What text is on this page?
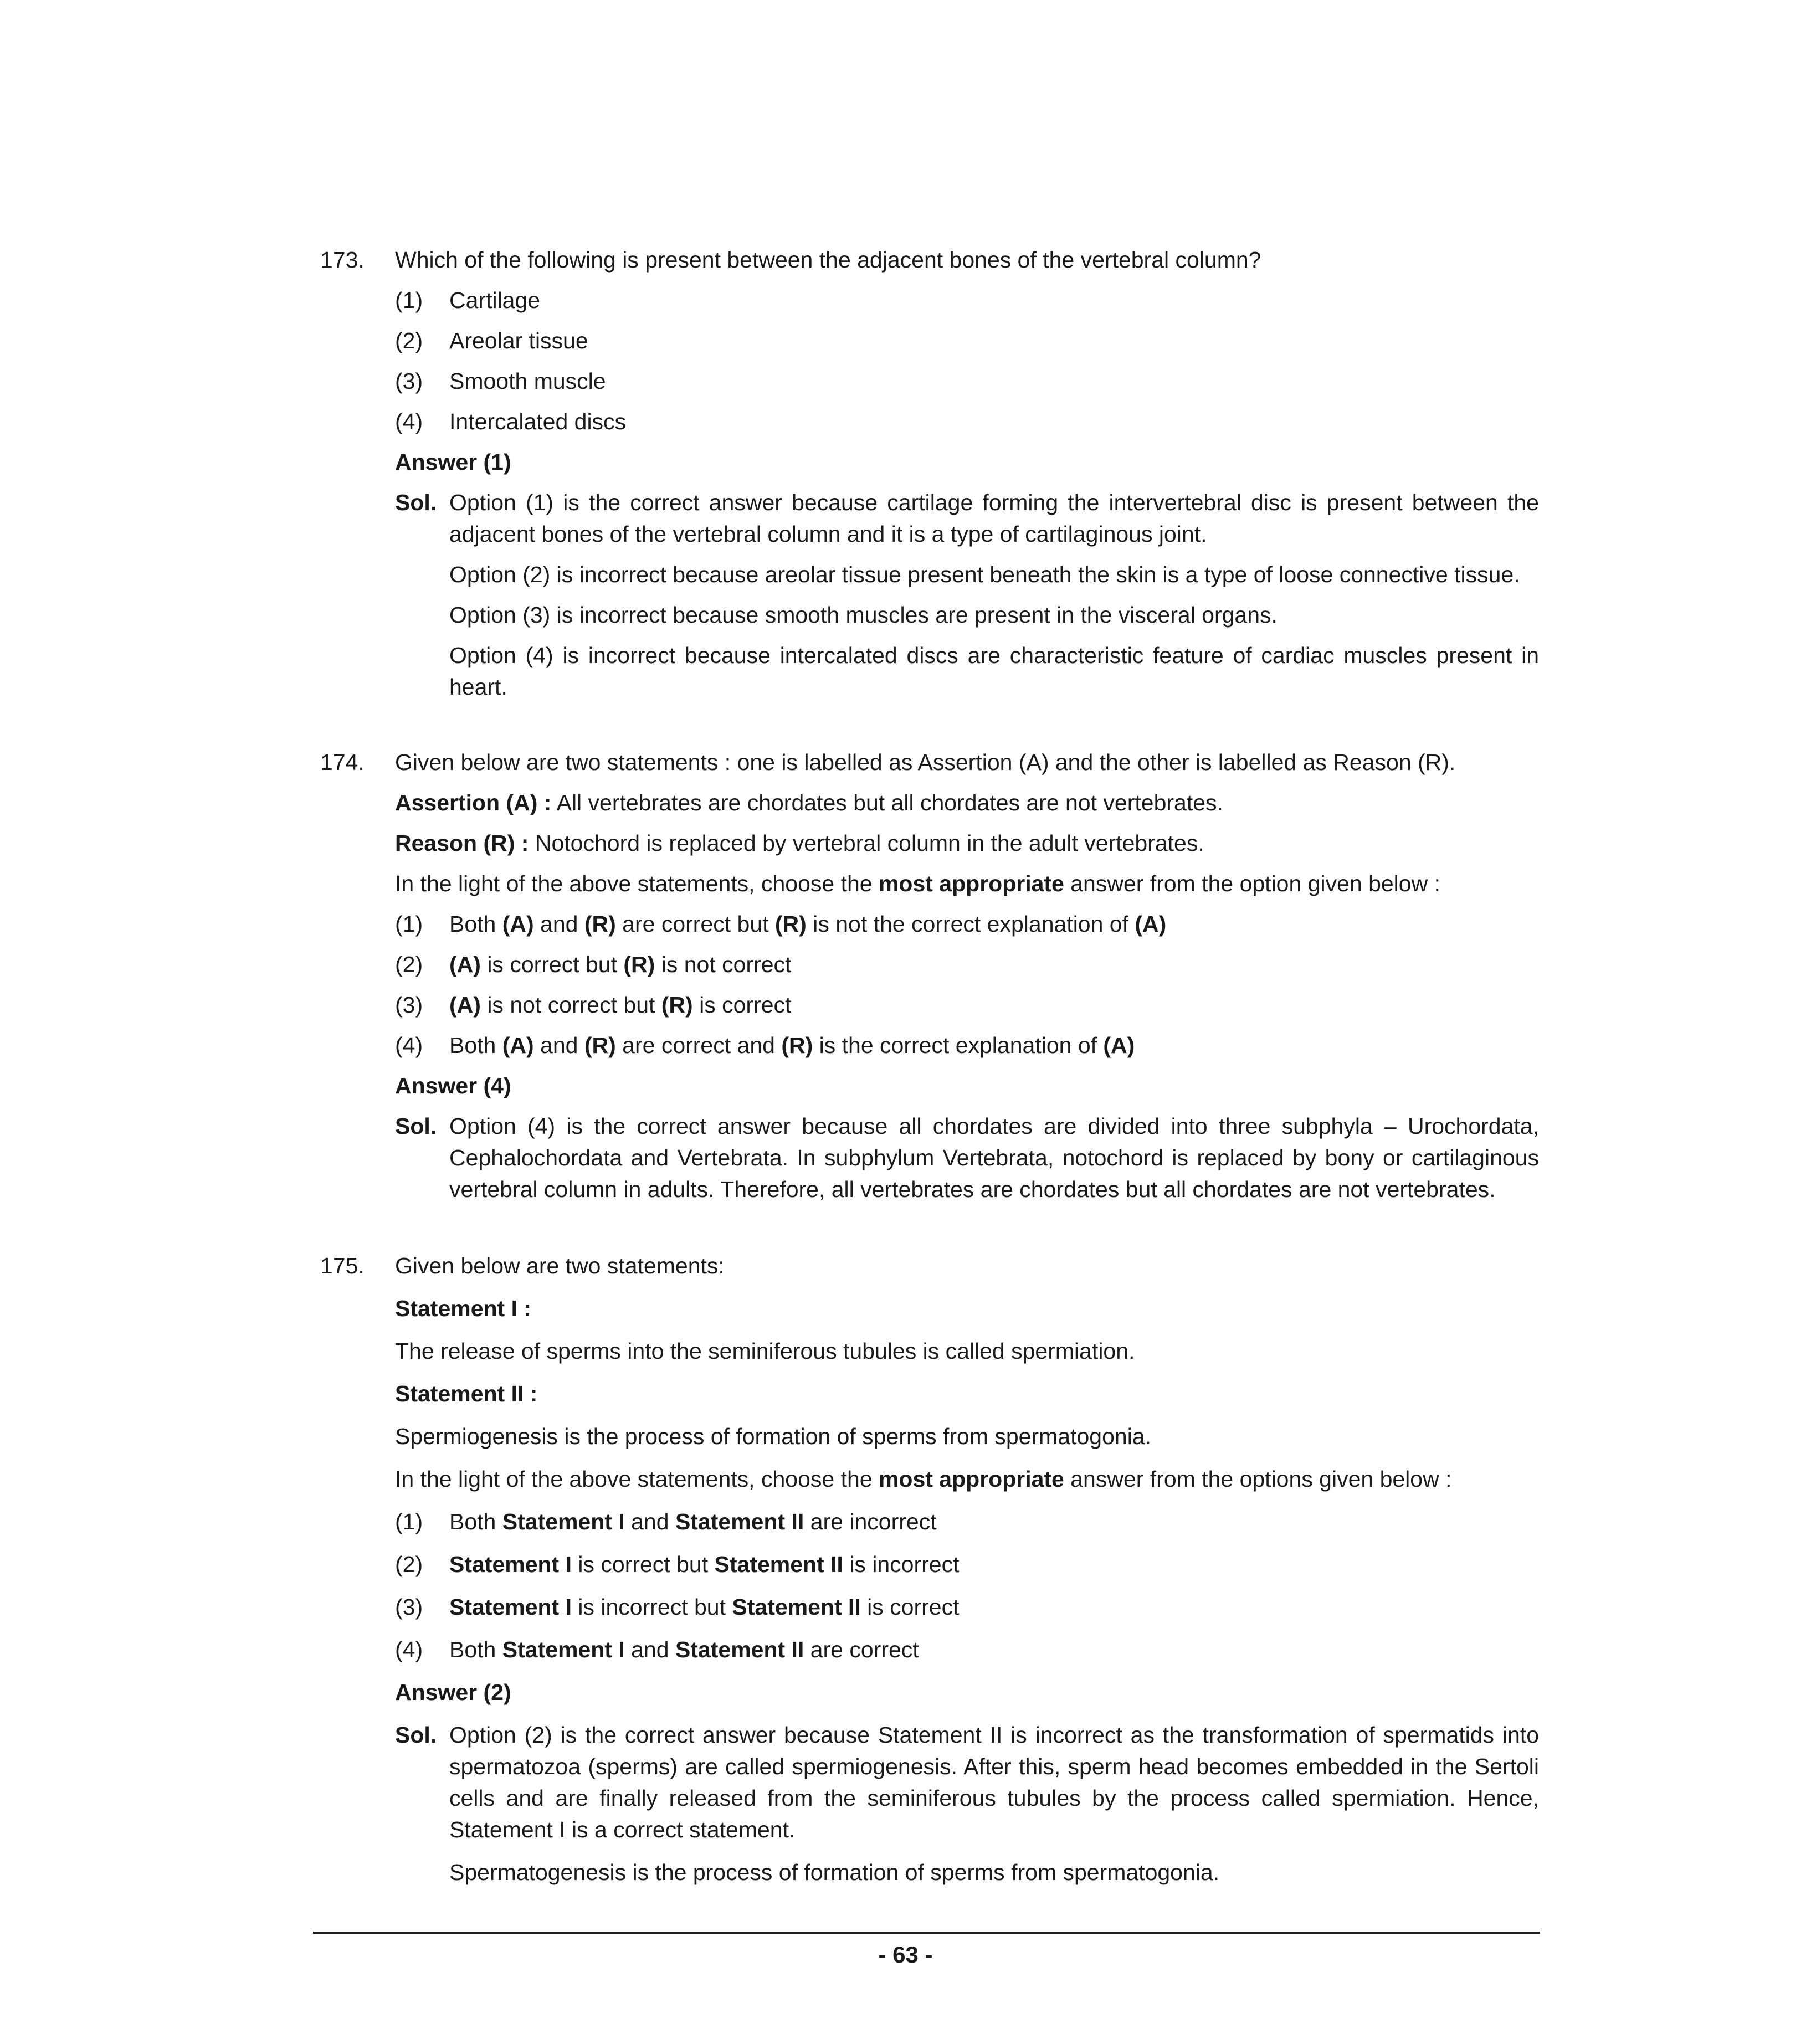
173.	Which of the following is present between the adjacent bones of the vertebral column?
(1) Cartilage
(2) Areolar tissue
(3) Smooth muscle
(4) Intercalated discs
Answer (1)
Sol. Option (1) is the correct answer because cartilage forming the intervertebral disc is present between the adjacent bones of the vertebral column and it is a type of cartilaginous joint.
Option (2) is incorrect because areolar tissue present beneath the skin is a type of loose connective tissue.
Option (3) is incorrect because smooth muscles are present in the visceral organs.
Option (4) is incorrect because intercalated discs are characteristic feature of cardiac muscles present in heart.
174.	Given below are two statements : one is labelled as Assertion (A) and the other is labelled as Reason (R).
Assertion (A) : All vertebrates are chordates but all chordates are not vertebrates.
Reason (R) : Notochord is replaced by vertebral column in the adult vertebrates.
In the light of the above statements, choose the most appropriate answer from the option given below :
(1) Both (A) and (R) are correct but (R) is not the correct explanation of (A)
(2) (A) is correct but (R) is not correct
(3) (A) is not correct but (R) is correct
(4) Both (A) and (R) are correct and (R) is the correct explanation of (A)
Answer (4)
Sol. Option (4) is the correct answer because all chordates are divided into three subphyla – Urochordata, Cephalochordata and Vertebrata. In subphylum Vertebrata, notochord is replaced by bony or cartilaginous vertebral column in adults. Therefore, all vertebrates are chordates but all chordates are not vertebrates.
175.	Given below are two statements:
Statement I :
The release of sperms into the seminiferous tubules is called spermiation.
Statement II :
Spermiogenesis is the process of formation of sperms from spermatogonia.
In the light of the above statements, choose the most appropriate answer from the options given below :
(1) Both Statement I and Statement II are incorrect
(2) Statement I is correct but Statement II is incorrect
(3) Statement I is incorrect but Statement II is correct
(4) Both Statement I and Statement II are correct
Answer (2)
Sol. Option (2) is the correct answer because Statement II is incorrect as the transformation of spermatids into spermatozoa (sperms) are called spermiogenesis. After this, sperm head becomes embedded in the Sertoli cells and are finally released from the seminiferous tubules by the process called spermiation. Hence, Statement I is a correct statement.
Spermatogenesis is the process of formation of sperms from spermatogonia.
- 63 -
